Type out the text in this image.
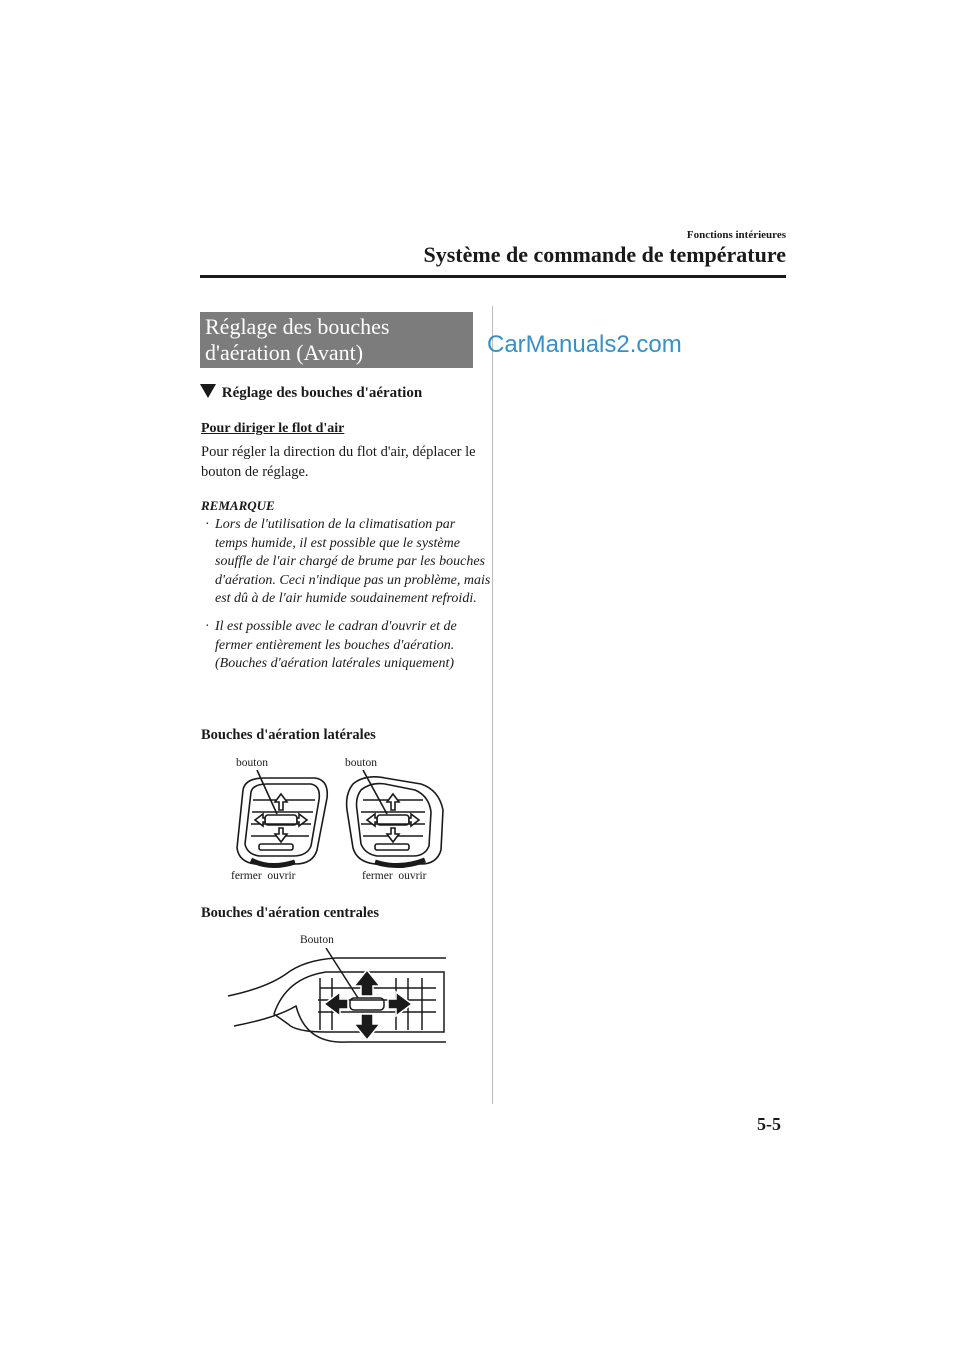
Fonctions intérieures
Système de commande de température
Réglage des bouches
d'aération (Avant)	CarManuals2.com
Réglage des bouches d'aération
Pour diriger le flot d'air
Pour régler la direction du flot d'air, déplacer le bouton de réglage.
REMARQUE
· Lors de l'utilisation de la climatisation par temps humide, il est possible que le système souffle de l'air chargé de brume par les bouches d'aération. Ceci n'indique pas un problème, mais est dû à de l'air humide soudainement refroidi.
· Il est possible avec le cadran d'ouvrir et de fermer entièrement les bouches d'aération. (Bouches d'aération latérales uniquement)
Bouches d'aération latérales
bouton	bouton
fermer  ouvrir	fermer  ouvrir
Bouches d'aération centrales
Bouton
5-5
